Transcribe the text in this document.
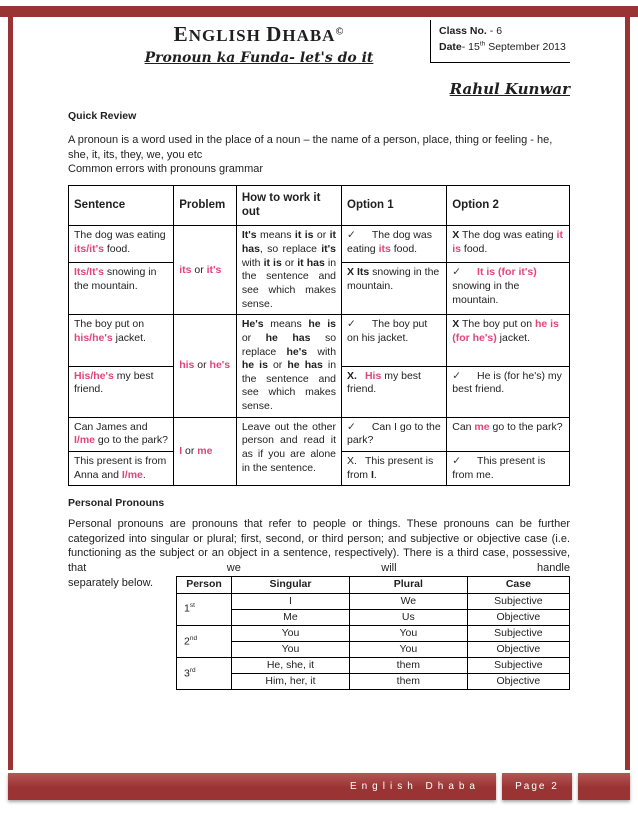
ENGLISH DHABA©
Pronoun ka Funda- let's do it
Class No. - 6
Date- 15th September 2013
Rahul Kunwar
Quick Review
A pronoun is a word used in the place of a noun – the name of a person, place, thing or feeling - he, she, it, its, they, we, you etc
Common errors with pronouns grammar
Sentence	Problem	How to work it out	Option 1	Option 2
The dog was eating its/it's food.	its or it's	It's means it is or it has, so replace it's with it is or it has in the sentence and see which makes sense.	✓ The dog was eating its food.	X The dog was eating it is food.
Its/It's snowing in the mountain.			X Its snowing in the mountain.	✓ It is (for it's) snowing in the mountain.
The boy put on his/he's jacket.	his or he's	He's means he is or he has so replace he's with he is or he has in the sentence and see which makes sense.	✓ The boy put on his jacket.	X The boy put on he is (for he's) jacket.
His/he's my best friend.			X. His my best friend.	✓ He is (for he's) my best friend.
Can James and I/me go to the park?	I or me	Leave out the other person and read it as if you are alone in the sentence.	✓ Can I go to the park?	Can me go to the park?
This present is from Anna and I/me.			X. This present is from I.	✓ This present is from me.
Personal Pronouns
Personal pronouns are pronouns that refer to people or things. These pronouns can be further categorized into singular or plural; first, second, or third person; and subjective or objective case (i.e. functioning as the subject or an object in a sentence, respectively). There is a third case, possessive, that we will handle
separately below.	Person	Singular	Plural	Case
1st	I	We	Subjective
	Me	Us	Objective
2nd	You	You	Subjective
	You	You	Objective
3rd	He, she, it	them	Subjective
	Him, her, it	them	Objective
English Dhaba	Page 2
